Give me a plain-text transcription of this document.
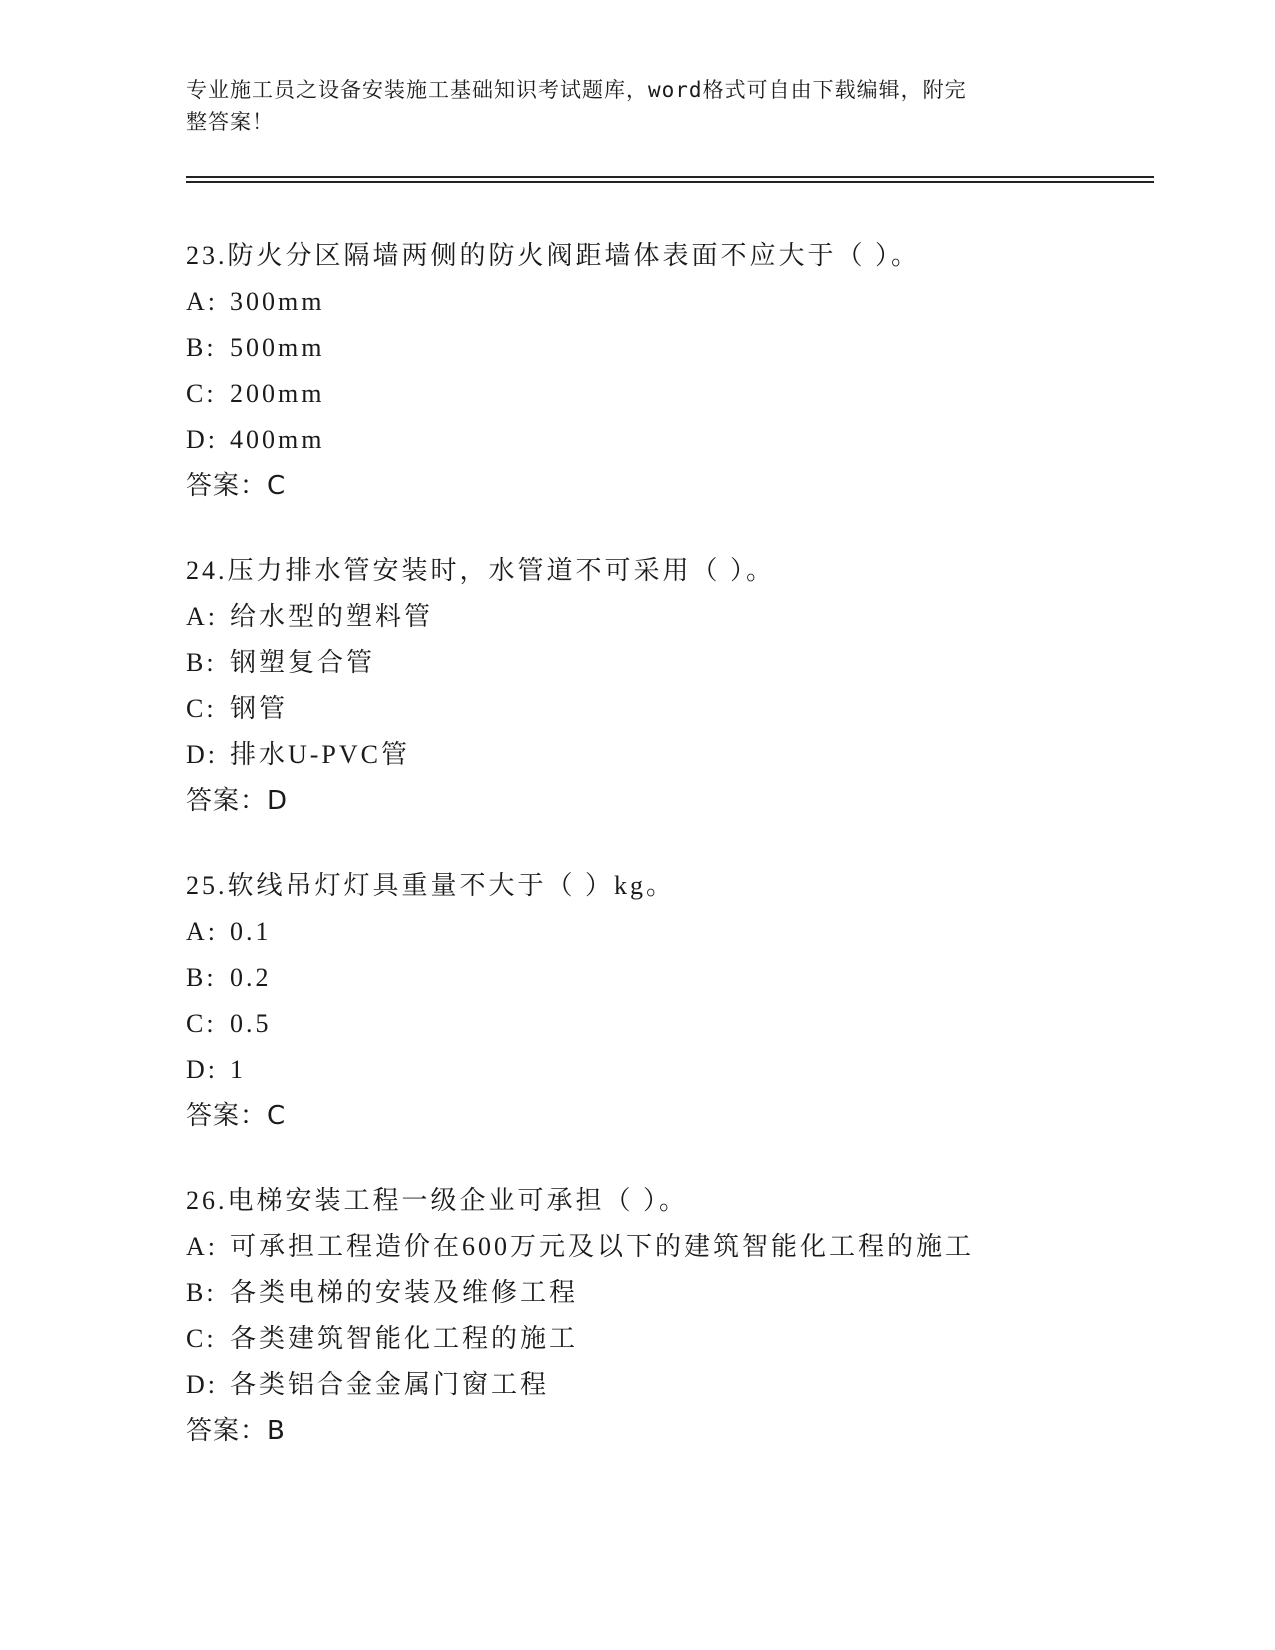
专业施工员之设备安装施工基础知识考试题库，word格式可自由下载编辑，附完
整答案！
23.防火分区隔墙两侧的防火阀距墙体表面不应大于（ ）。
A: 300mm
B: 500mm
C: 200mm
D: 400mm
答案：C
24.压力排水管安装时，水管道不可采用（ ）。
A: 给水型的塑料管
B: 钢塑复合管
C: 钢管
D: 排水U-PVC管
答案：D
25.软线吊灯灯具重量不大于（ ）kg。
A: 0.1
B: 0.2
C: 0.5
D: 1
答案：C
26.电梯安装工程一级企业可承担（ ）。
A: 可承担工程造价在600万元及以下的建筑智能化工程的施工
B: 各类电梯的安装及维修工程
C: 各类建筑智能化工程的施工
D: 各类铝合金金属门窗工程
答案：B
